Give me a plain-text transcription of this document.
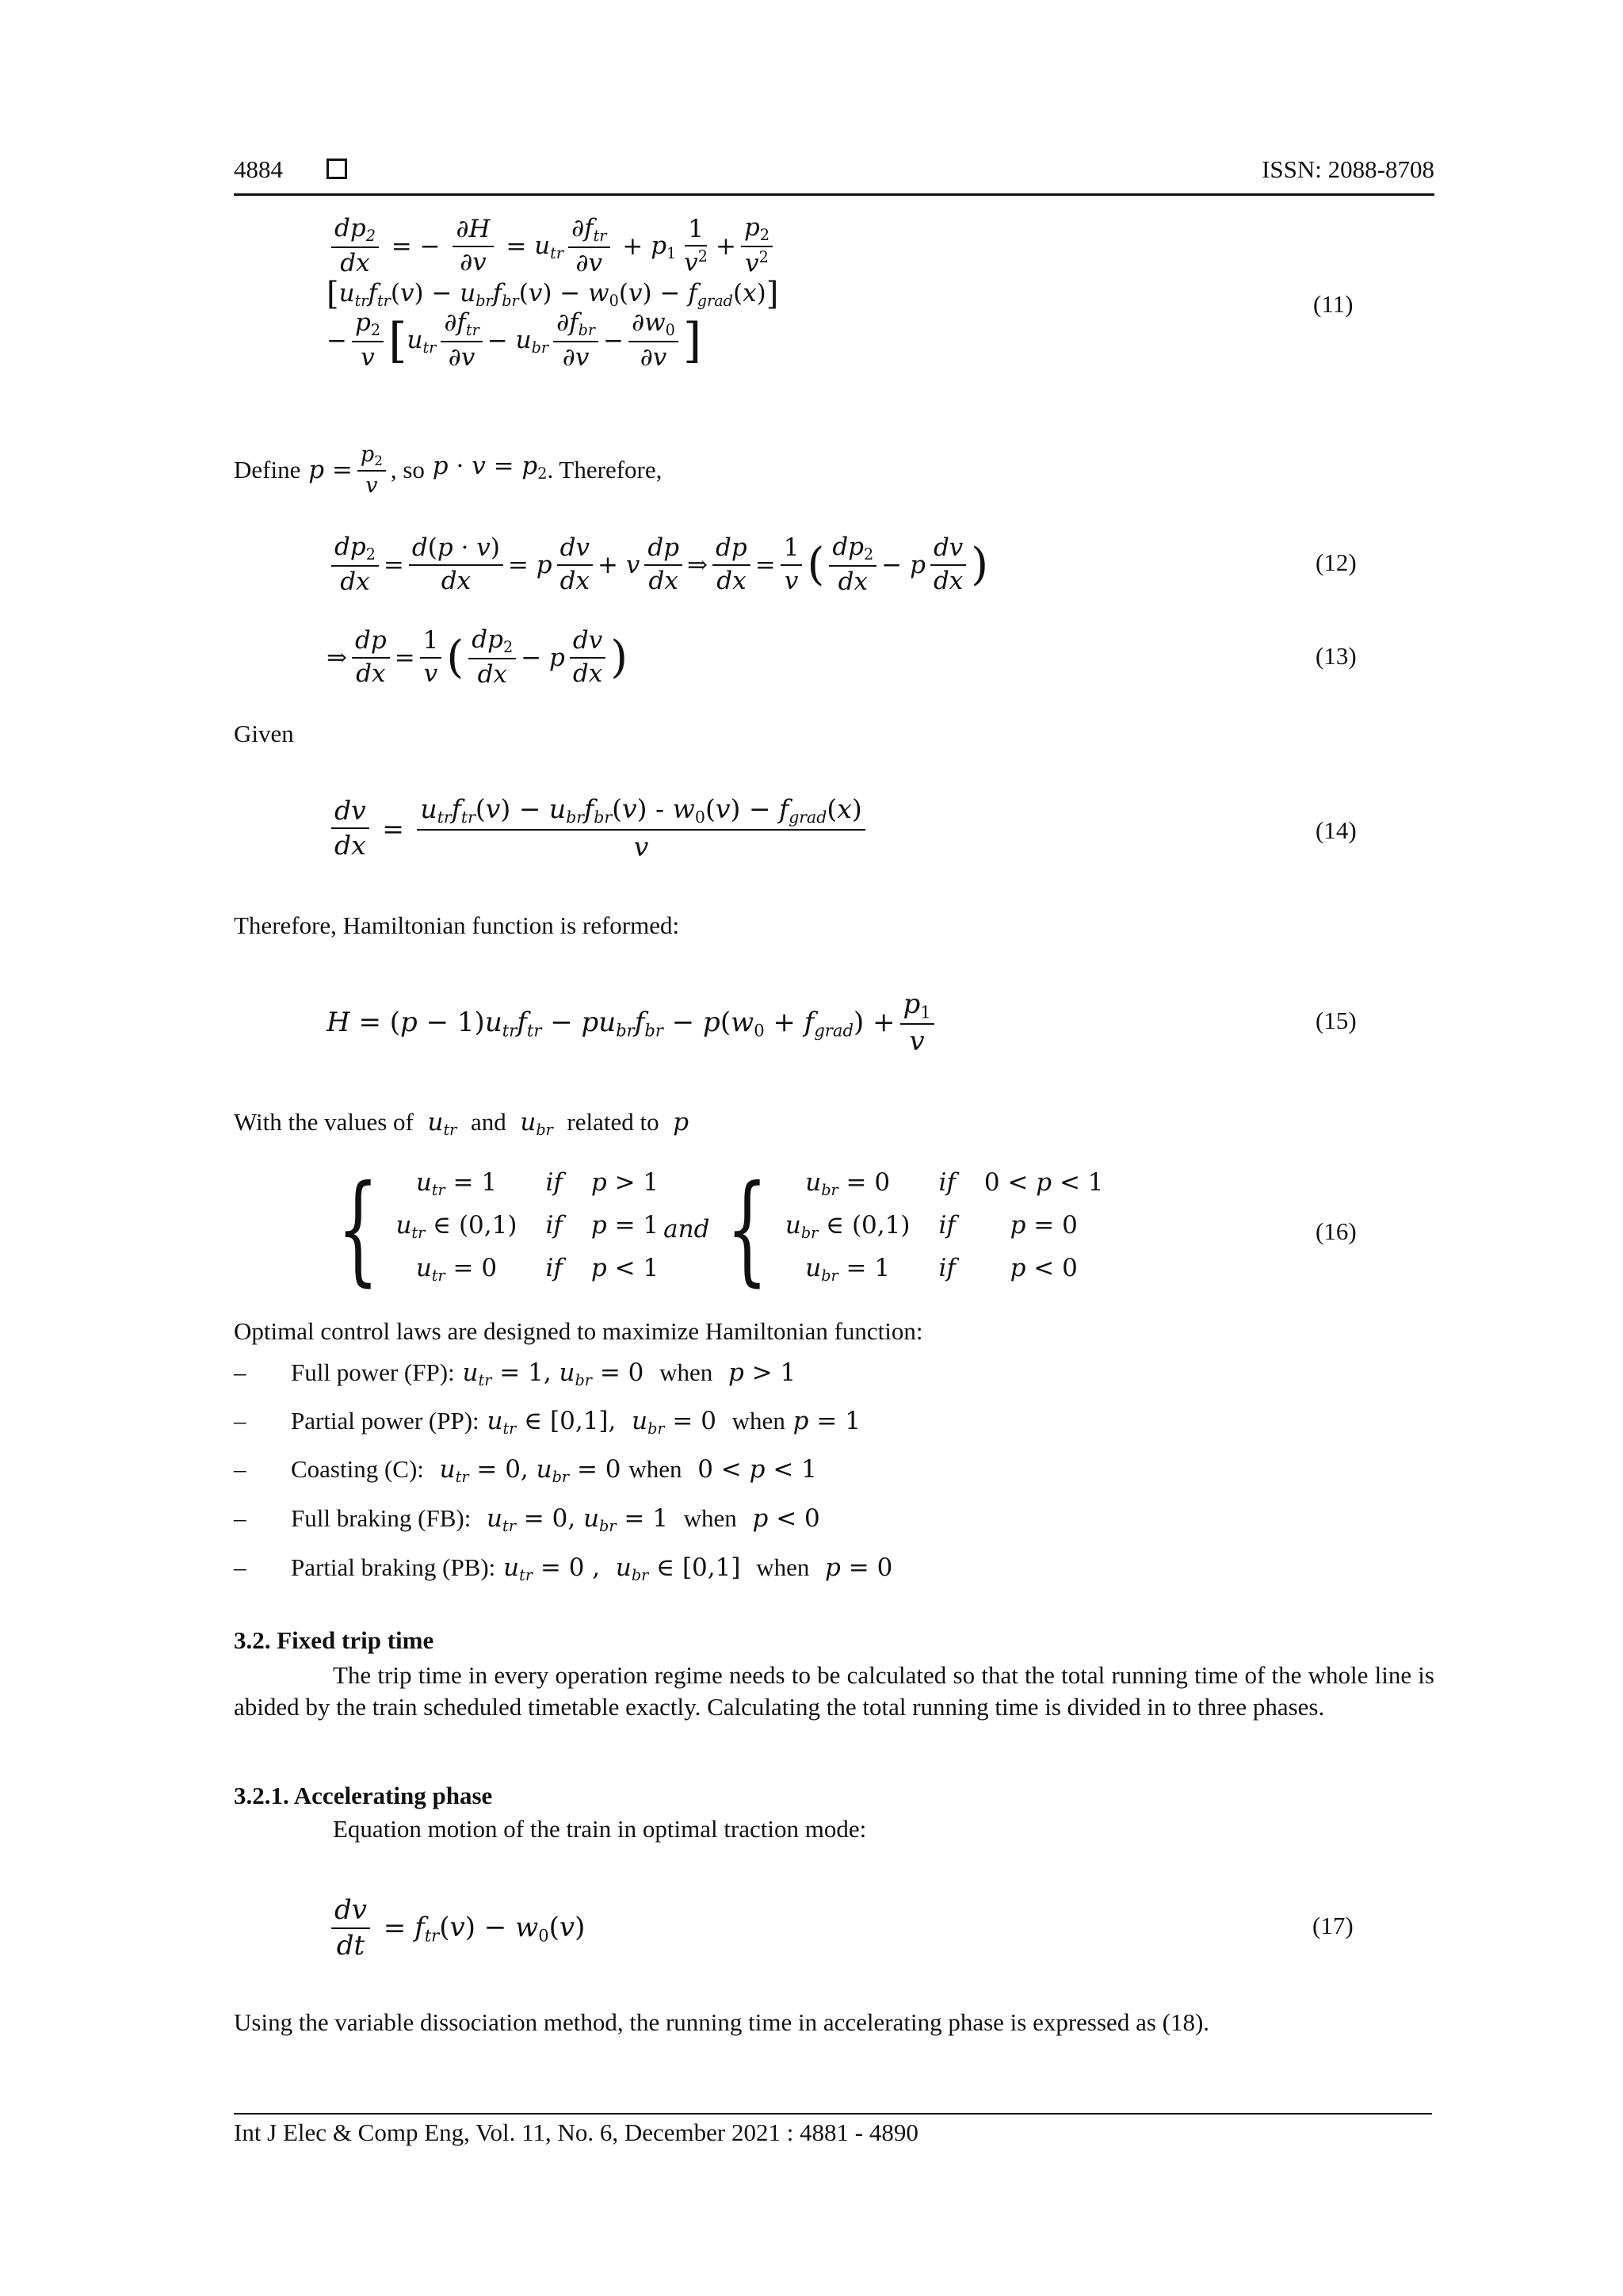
4884	ISSN: 2088-8708
$\frac{dp_2}{dx}$ = − $\frac{\partial H}{\partial v} = u_{tr} \frac{\partial f_{tr}}{\partial v} + p_1 \frac{1}{v^2} + \frac{p_2}{v^2}$
[ $u_{tr}f_{tr}(v) - u_{br}f_{br}(v) - w_0(v) - f_{grad}(x)$ ]
− $\frac{p_2}{v}$ [ $u_{tr} \frac{\partial f_{tr}}{\partial v} - u_{br} \frac{\partial f_{br}}{\partial v} - \frac{\partial w_0}{\partial v}$ ]
(11)
Define $p = \frac{p_2}{v}$ , so $p \cdot v = p_2$ . Therefore,
$\frac{dp_2}{dx} = \frac{d(p \cdot v)}{dx} = p \frac{dv}{dx} + v \frac{dp}{dx}$ ⇒ $\frac{dp}{dx} = \frac{1}{v}$ ( $\frac{dp_2}{dx} - p \frac{dv}{dx}$ )	(12)
⇒ $\frac{dp}{dx} = \frac{1}{v}$ ( $\frac{dp_2}{dx} - p \frac{dv}{dx}$ )	(13)
Given
$\frac{dv}{dx} = \frac{u_{tr}f_{tr}(v) - u_{br}f_{br}(v) - w_0(v) - f_{grad}(x)}{v}$	(14)
Therefore, Hamiltonian function is reformed:
$H = (p - 1)u_{tr}f_{tr} - pu_{br}f_{br} - p(w_0 + f_{grad}) + \frac{p_1}{v}$	(15)
With the values of  $u_{tr}$ and  $u_{br}$ related to  p
{	$u_{tr} = 1$	if p > 1
$u_{tr}$ ∈ (0,1) if p = 1
$u_{tr} = 0$	if p < 1
and {	$u_{br} = 0$	if 0 < p < 1
$u_{br}$ ∈ (0,1) if	p = 0
$u_{br} = 1$	if	p < 0
(16)
Optimal control laws are designed to maximize Hamiltonian function:
–	Full power (FP): $u_{tr} = 1$, $u_{br} = 0$ when p > 1
–	Partial power (PP): $u_{tr}$ ∈ [0,1],  $u_{br} = 0$ when p = 1
–	Coasting (C): $u_{tr} = 0$, $u_{br} = 0$ when 0 < p < 1
–	Full braking (FB): $u_{tr} = 0$, $u_{br} = 1$ when p < 0
–	Partial braking (PB): $u_{tr} = 0$ ,  $u_{br}$ ∈ [0,1] when p = 0
3.2. Fixed trip time
The trip time in every operation regime needs to be calculated so that the total running time of the whole line is abided by the train scheduled timetable exactly. Calculating the total running time is divided in to three phases.
3.2.1. Accelerating phase
Equation motion of the train in optimal traction mode:
$\frac{dv}{dt} = f_{tr}(v) - w_0(v)$	(17)
Using the variable dissociation method, the running time in accelerating phase is expressed as (18).
Int J Elec & Comp Eng, Vol. 11, No. 6, December 2021 : 4881 - 4890
